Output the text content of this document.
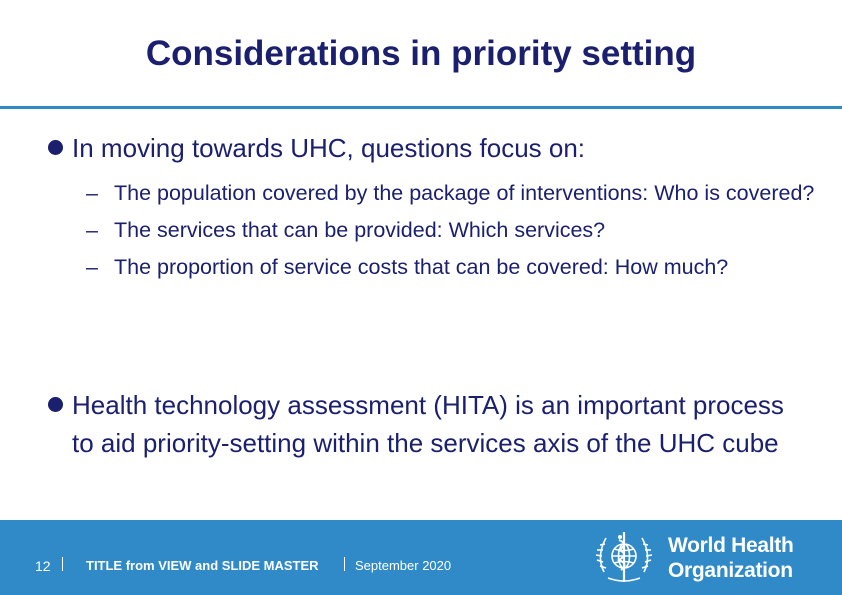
Considerations in priority setting
In moving towards UHC, questions focus on:
– The population covered by the package of interventions: Who is covered?
– The services that can be provided: Which services?
– The proportion of service costs that can be covered: How much?
Health technology assessment (HITA) is an important process to aid priority-setting within the services axis of the UHC cube
12	TITLE from VIEW and SLIDE MASTER	September 2020
World Health
Organization
